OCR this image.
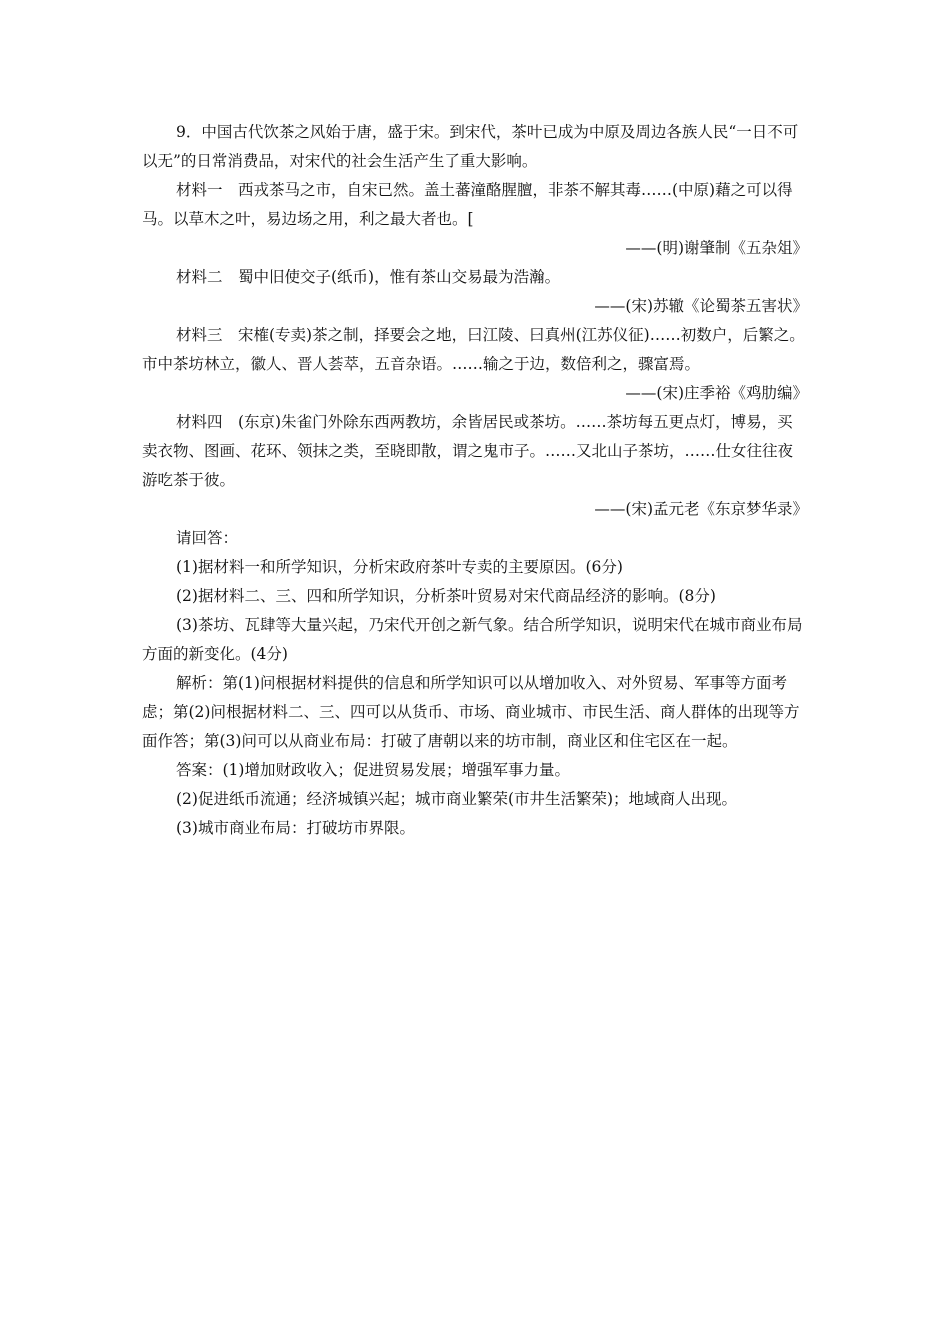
9．中国古代饮茶之风始于唐，盛于宋。到宋代，茶叶已成为中原及周边各族人民“一日不可以无”的日常消费品，对宋代的社会生活产生了重大影响。

材料一　西戎茶马之市，自宋已然。盖土蕃潼酪腥膻，非茶不解其毒……(中原)藉之可以得马。以草木之叶，易边场之用，利之最大者也。[

——(明)谢肇制《五杂俎》

材料二　蜀中旧使交子(纸币)，惟有茶山交易最为浩瀚。

——(宋)苏辙《论蜀茶五害状》

材料三　宋榷(专卖)茶之制，择要会之地，曰江陵、曰真州(江苏仪征)……初数户，后繁之。市中茶坊林立，徽人、晋人荟萃，五音杂语。……输之于边，数倍利之，骤富焉。

——(宋)庄季裕《鸡肋编》

材料四　(东京)朱雀门外除东西两教坊，余皆居民或茶坊。……茶坊每五更点灯，博易，买卖衣物、图画、花环、领抹之类，至晓即散，谓之鬼市子。……又北山子茶坊，……仕女往往夜游吃茶于彼。

——(宋)孟元老《东京梦华录》

请回答：

(1)据材料一和所学知识，分析宋政府茶叶专卖的主要原因。(6分)

(2)据材料二、三、四和所学知识，分析茶叶贸易对宋代商品经济的影响。(8分)

(3)茶坊、瓦肆等大量兴起，乃宋代开创之新气象。结合所学知识，说明宋代在城市商业布局方面的新变化。(4分)

解析：第(1)问根据材料提供的信息和所学知识可以从增加收入、对外贸易、军事等方面考虑；第(2)问根据材料二、三、四可以从货币、市场、商业城市、市民生活、商人群体的出现等方面作答；第(3)问可以从商业布局：打破了唐朝以来的坊市制，商业区和住宅区在一起。

答案：(1)增加财政收入；促进贸易发展；增强军事力量。

(2)促进纸币流通；经济城镇兴起；城市商业繁荣(市井生活繁荣)；地域商人出现。

(3)城市商业布局：打破坊市界限。
